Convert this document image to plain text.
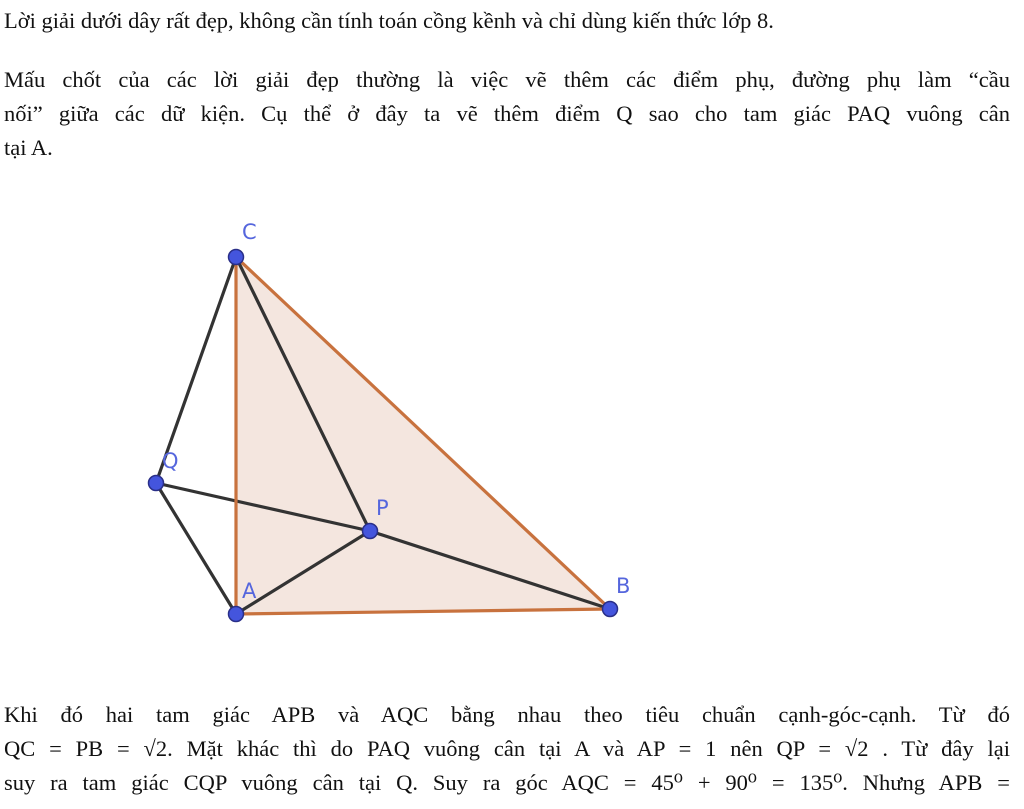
Lời giải dưới dây rất đẹp, không cần tính toán cồng kềnh và chỉ dùng kiến thức lớp 8.

Mấu chốt của các lời giải đẹp thường là việc vẽ thêm các điểm phụ, đường phụ làm “cầu
nối” giữa các dữ kiện. Cụ thể ở đây ta vẽ thêm điểm Q sao cho tam giác PAQ vuông cân
tại A.

C
Q
P
A	B

Khi đó hai tam giác APB và AQC bằng nhau theo tiêu chuẩn cạnh-góc-cạnh. Từ đó
QC = PB = √2. Mặt khác thì do PAQ vuông cân tại A và AP = 1 nên QP = √2 . Từ đây lại
suy ra tam giác CQP vuông cân tại Q. Suy ra góc AQC = 45⁰ + 90⁰ = 135⁰. Nhưng APB =
